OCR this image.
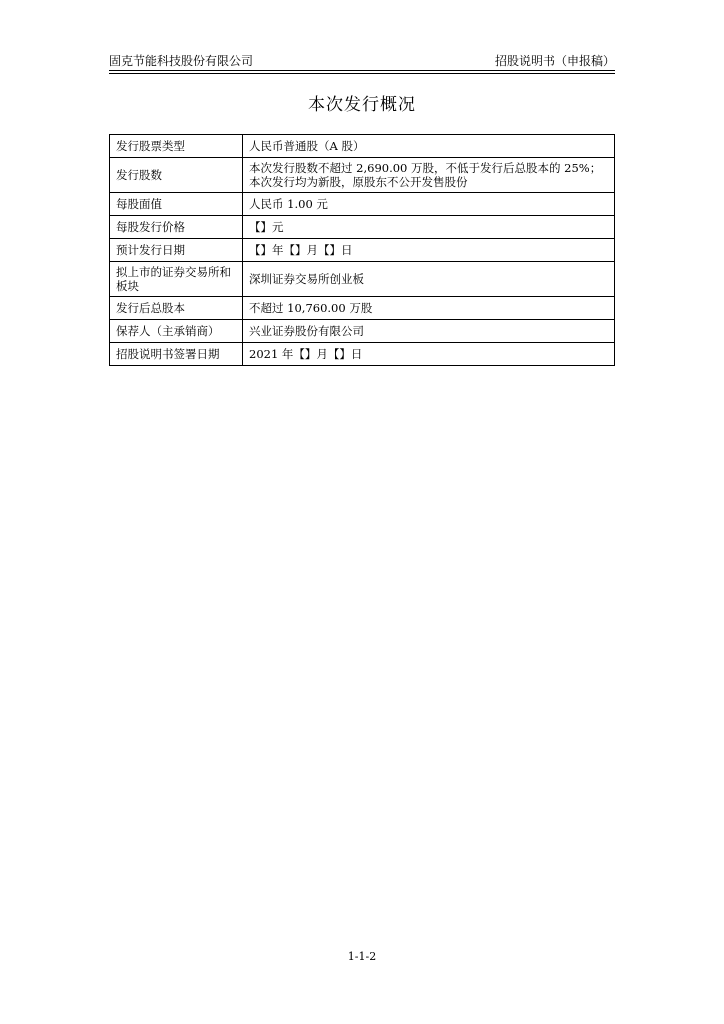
固克节能科技股份有限公司	招股说明书（申报稿）
本次发行概况
发行股票类型	人民币普通股（A 股）
发行股数	本次发行股数不超过 2,690.00 万股，不低于发行后总股本的 25%；
本次发行均为新股，原股东不公开发售股份

每股面值	人民币 1.00 元
每股发行价格	【】元
预计发行日期	【】年【】月【】日
拟上市的证券交易所和板块	深圳证券交易所创业板
发行后总股本	不超过 10,760.00 万股
保荐人（主承销商）	兴业证券股份有限公司
招股说明书签署日期	2021 年【】月【】日
1-1-2
